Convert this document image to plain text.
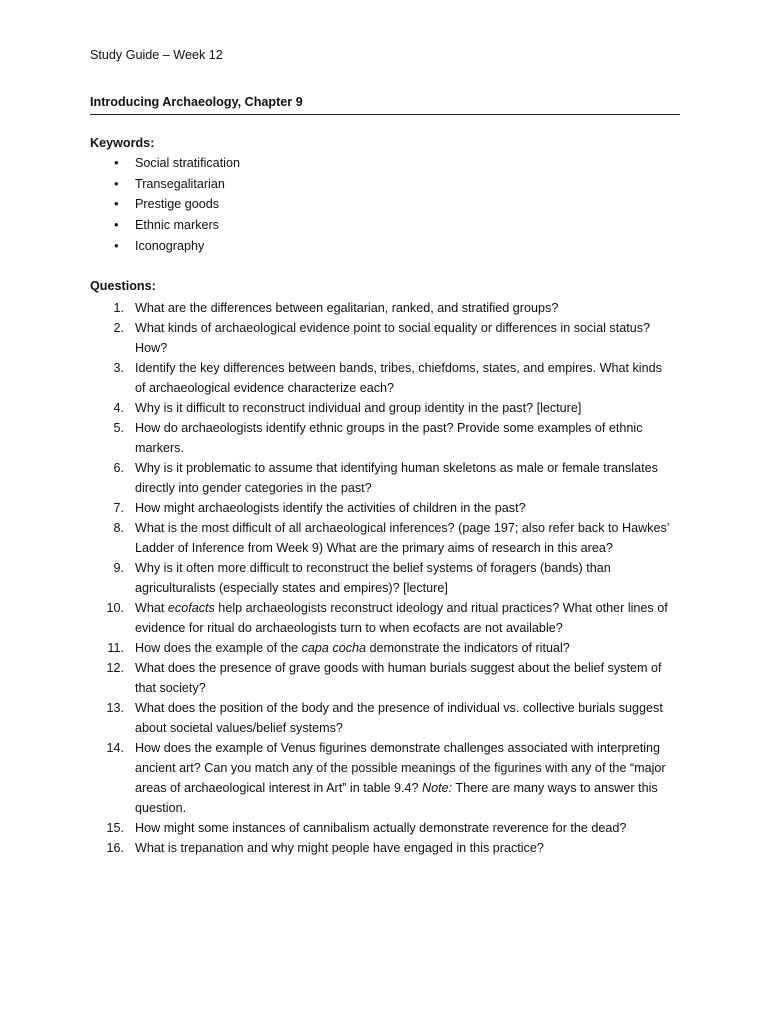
Study Guide – Week 12
Introducing Archaeology, Chapter 9
Keywords:
• Social stratification
• Transegalitarian
• Prestige goods
• Ethnic markers
• Iconography
Questions:
1. What are the differences between egalitarian, ranked, and stratified groups?
2. What kinds of archaeological evidence point to social equality or differences in social status?
How?
3. Identify the key differences between bands, tribes, chiefdoms, states, and empires. What kinds
of archaeological evidence characterize each?
4. Why is it difficult to reconstruct individual and group identity in the past? [lecture]
5. How do archaeologists identify ethnic groups in the past? Provide some examples of ethnic
markers.
6. Why is it problematic to assume that identifying human skeletons as male or female translates
directly into gender categories in the past?
7. How might archaeologists identify the activities of children in the past?
8. What is the most difficult of all archaeological inferences? (page 197; also refer back to Hawkes’
Ladder of Inference from Week 9) What are the primary aims of research in this area?
9. Why is it often more difficult to reconstruct the belief systems of foragers (bands) than
agriculturalists (especially states and empires)? [lecture]
10. What ecofacts help archaeologists reconstruct ideology and ritual practices? What other lines of
evidence for ritual do archaeologists turn to when ecofacts are not available?
11. How does the example of the capa cocha demonstrate the indicators of ritual?
12. What does the presence of grave goods with human burials suggest about the belief system of
that society?
13. What does the position of the body and the presence of individual vs. collective burials suggest
about societal values/belief systems?
14. How does the example of Venus figurines demonstrate challenges associated with interpreting
ancient art? Can you match any of the possible meanings of the figurines with any of the “major
areas of archaeological interest in Art” in table 9.4? Note: There are many ways to answer this
question.
15. How might some instances of cannibalism actually demonstrate reverence for the dead?
16. What is trepanation and why might people have engaged in this practice?
